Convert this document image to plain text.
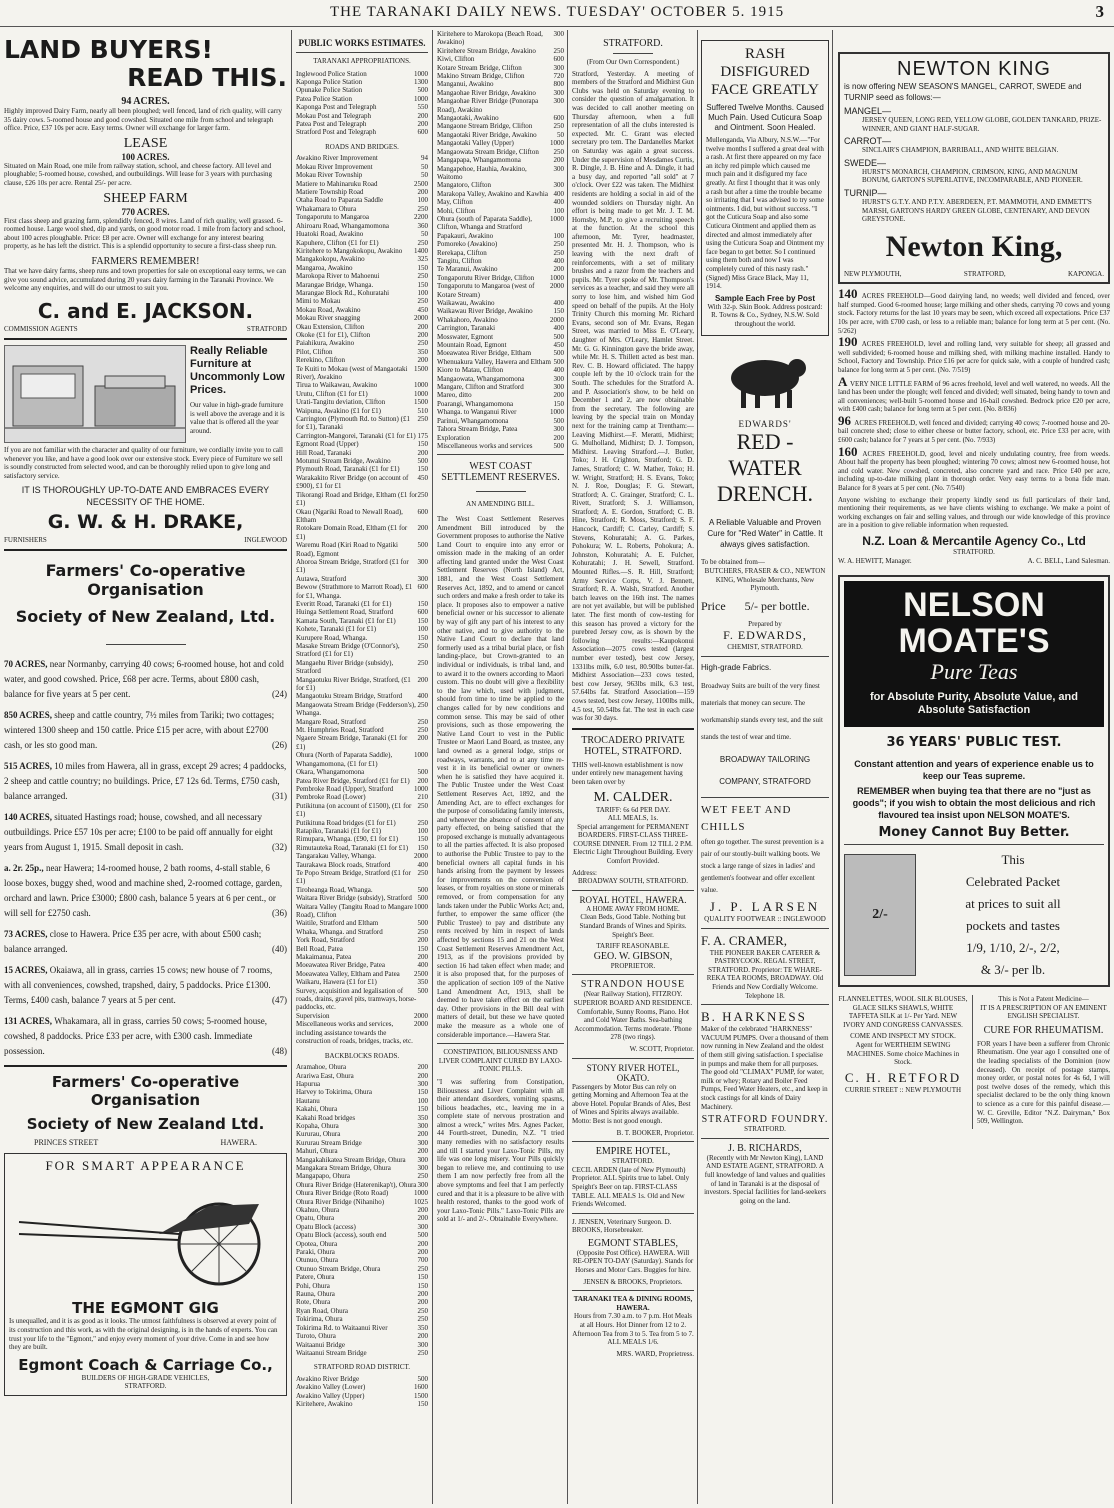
THE TARANAKI DAILY NEWS. TUESDAY' OCTOBER 5. 1915	3
LAND BUYERS!
READ THIS.
94 ACRES.

Highly improved Dairy Farm, nearly all been ploughed; well fenced, land of rich quality, will carry 35 dairy cows. 5-roomed house and good cowshed. Situated one mile from school and telegraph office. Price, £37 10s per acre. Easy terms. Owner will exchange for larger farm.

LEASE
100 ACRES.

Situated on Main Road, one mile from railway station, school, and cheese factory. All level and ploughable; 5-roomed house, cowshed, and outbuildings. Will lease for 3 years with purchasing clause, £26 10s per acre. Rental 25/- per acre.

SHEEP FARM
770 ACRES.

First class sheep and grazing farm, splendidly fenced, 8 wires. Land of rich quality, well grassed. 6-roomed house. Large wool shed, dip and yards, on good motor road. 1 mile from factory and school, about 100 acres ploughable. Price: £8 per acre. Owner will exchange for any interest bearing property, as he has left the district. This is a splendid opportunity to secure a first-class sheep run.

FARMERS REMEMBER!

That we have dairy farms, sheep runs and town properties for sale on exceptional easy terms, we can give you sound advice, accumulated during 20 years dairy farming in the Taranaki Province. We welcome any enquiries, and will do our utmost to suit you.

C. and E. JACKSON.
COMMISSION AGENTS	STRATFORD
Really Reliable Furniture at Uncommonly Low Prices.

Our value in high-grade furniture is well above the average and it is value that is offered all the year around.

If you are not familiar with the character and quality of our furniture, we cordially invite you to call whenever you like, and have a good look over our extensive stock. Every piece of Furniture we sell is soundly constructed from selected wood, and can be thoroughly relied upon to give long and satisfactory service.

IT IS THOROUGHLY UP-TO-DATE AND EMBRACES EVERY NECESSITY OF THE HOME.
G. W. & H. DRAKE,
FURNISHERS	INGLEWOOD
Farmers' Co-operative Organisation
Society of New Zealand, Ltd.

70 ACRES, near Normanby, carrying 40 cows; 6-roomed house, hot and cold water, and good cowshed. Price, £68 per acre. Terms, about £800 cash, balance for five years at 5 per cent.	(24)

850 ACRES, sheep and cattle country, 7½ miles from Tariki; two cottages; wintered 1300 sheep and 150 cattle. Price £15 per acre, with about £2700 cash, or les sto good man.	(26)

515 ACRES, 10 miles from Hawera, all in grass, except 29 acres; 4 paddocks, 2 sheep and cattle country; no buildings. Price, £7 12s 6d. Terms, £750 cash, balance arranged.	(31)

140 ACRES, situated Hastings road; house, cowshed, and all necessary outbuildings. Price £57 10s per acre; £100 to be paid off annually for eight years from August 1, 1915. Small deposit in cash.	(32)

a. 2r. 25p., near Hawera; 14-roomed house, 2 bath rooms, 4-stall stable, 6 loose boxes, buggy shed, wood and machine shed, 2-roomed cottage, garden, orchard and lawn. Price £3000; £800 cash, balance 5 years at 6 per cent., or will sell for £2750 cash.	(36)

73 ACRES, close to Hawera. Price £35 per acre, with about £500 cash; balance arranged.	(40)

15 ACRES, Okaiawa, all in grass, carries 15 cows; new house of 7 rooms, with all conveniences, cowshed, trapshed, dairy, 5 paddocks. Price £1300. Terms, £400 cash, balance 7 years at 5 per cent.	(47)

131 ACRES, Whakamara, all in grass, carries 50 cows; 5-roomed house, cowshed, 8 paddocks. Price £33 per acre, with £300 cash. Immediate possession.	(48)

Farmers' Co-operative Organisation
Society of New Zealand Ltd.
PRINCES STREET	HAWERA.
FOR SMART APPEARANCE
THE EGMONT GIG

Is unequalled, and it is as good as it looks. The utmost faithfulness is observed at every point of its construction and this work, as with the original designing, is in the hands of experts. You can trust your life to the "Egmont," and enjoy every moment of your drive. Come in and see how they are built.

Egmont Coach & Carriage Co.,
BUILDERS OF HIGH-GRADE VEHICLES,
STRATFORD.
PUBLIC WORKS ESTIMATES.
TARANAKI APPROPRIATIONS.
Inglewood Police Station	1000
Kaponga Police Station	1300
Opunake Police Station	500
Patea Police Station	1000
Kaponga Post and Telegraph	550
Mokau Post and Telegraph	200
Patea Post and Telegraph	200
Stratford Post and Telegraph	600
ROADS AND BRIDGES.
Awakino River Improvement	94
Mokau River Improvement	50
Mokau River Township	50
Matiere to Mahinaruku Road	2500
Matiere Township Road	200
Otaha Road to Paparata Saddle	100
Whakamara to Ohura	250
Tongaporutu to Mangaroa	2200
Ahiroaru Road, Whangamomona	360
Huatoki Road, Awakino	50
Kapuhere, Clifton (£1 for £1)	250
Kiritehere to Mangokokopu, Awakino 1400
Mangakokopu, Awakino	325
Mangaroa, Awakino	150
Marokopa River to Mahoenui	250
Marangae Bridge, Whanga.	150
Marangae Block Rd., Kohuratahi	100
Mimi to Mokau	250
Mokau Road, Awakino	450
Mokau River snagging	2000
Okau Extension, Clifton	200
Okoke (£1 for £1), Clifton	200
Paiahikura, Awakino	250
Pilot, Clifton	350
Rerekino, Clifton	200
Te Kuiti to Mokau (west of Mangaotaki River), Awakino
1500
Tirua to Waikawau, Awakino	1000
Urutu, Clifton (£1 for £1)	1000
Urati-Tangitu deviation, Clifton	1500
Waipuna, Awakino (£1 for £1)	510
Carrington (Plymouth Rd. to Sutton) (£1 for £1), Taranaki
250
Carrington-Mangorei, Taranaki (£1 for £1) 175
Egmont Road (Upper)	150
Hill Road, Taranaki	200
Motunui Stream Bridge, Awakino	500
Plymouth Road, Taranaki (£1 for £1)	150
Warakakito River Bridge (on account of £900), £1 for £1
450
Tikorangi Road and Bridge, Eltham (£1 for £1)
250
Okau (Ngariki Road to Newall Road), Eltham
600
Rotokare Domain Road, Eltham (£1 for £1)
200
Waremu Road (Kiri Road to Ngatiki Road), Egmont
500
Ahoroa Stream Bridge, Stratford (£1 for £1)
300
Autawa, Stratford	300
Bewow (Strathmore to Marrott Road), £1 for £1, Whanga.
600
Everitt Road, Taranaki (£1 for £1)	150
Huinga Settlement Road, Stratford	600
Kamata South, Taranaki (£1 for £1)	150
Kohete, Taranaki (£1 for £1)	100
Kurupere Road, Whanga.	150
Masake Stream Bridge (O'Connor's), Stratford (£1 for £1)
250
Mangaehu River Bridge (subsidy), Stratford
250
Mangaotuku River Bridge, Stratford, (£1 for £1)
200
Mangaotuku Stream Bridge, Stratford 400
Mangaowata Stream Bridge (Fedderson's), Whanga.
250
Mangare Road, Stratford	250
Mt. Humphries Road, Stratford	250
Ngaere Stream Bridge, Taranaki (£1 for £1)
200
Ohura (North of Paparata Saddle), Whangamomona, (£1 for £1)
1000
Okara, Whangamomona	500
Patea River Bridge, Stratford (£1 for £1) 200
Pembroke Road (Upper), Stratford	1000
Pembroke Road (Lower)	210
Putikituna (on account of £1500), (£1 for £1)
250
Putikituna Road bridges (£1 for £1)	250
Ratapiko, Taranaki (£1 for £1)	100
Rimupara, Whanga. (£90, £1 for £1)	150
Rimutauteka Road, Taranaki (£1 for £1) 150
Tangarakau Valley, Whanga.	2000
Taurakawa Block roads, Stratford	400
Te Popo Stream Bridge, Stratford (£1 for £1)
250
Tiroheanga Road, Whanga.	500
Waitara River Bridge (subsidy), Stratford 500
Waitara Valley (Tangitu Road to Mangare Road), Clifton
1000
Waitile, Stratford and Eltham	500
Whaka, Whanga. and Stratford	250
York Road, Stratford	200
Bell Road, Patea	150
Makaimanua, Patea	200
Moeawatea River Bridge, Patea	400
Moeawatea Valley, Eltham and Patea 2500
Waikaru, Hawera (£1 for £1)	350
Survey, acquisition and legalisation of roads, drains, gravel pits, tramways, horse-paddocks, etc.
500
Supervision	2000
Miscellaneous works and services, including assistance towards the construction of roads, bridges, tracks, etc.
2000
BACKBLOCKS ROADS.
Aramahoe, Ohura	200
Arariwa East, Ohura	200
Hapurua	300
Harvey to Tokirima, Ohura	150
Hautanu	100
Kakahi, Ohura	150
Kakahi Road bridges	350
Kopaha, Ohura	300
Kururau, Ohura	200
Kururau Stream Bridge	300
Mahuri, Ohura	200
Mangakahikatea Stream Bridge, Ohura 300
Mangakara Stream Bridge, Ohura	300
Mangapapo, Ohura	250
Ohura River Bridge (Haterenikap't), Ohura 300
Ohura River Bridge (Roto Road)	1000
Ohura River Bridge (Nihaniho)	1025
Okahuo, Ohura	200
Opatu, Ohura	200
Opatu Block (access)	300
Opatu Block (access), south end	500
Opotea, Ohura	200
Paraki, Ohura	200
Otunuo, Ohura	700
Otunuo Stream Bridge, Ohura	250
Patere, Ohura	150
Pohi, Ohura	150
Rauna, Ohura	200
Rote, Ohura	200
Ryan Road, Ohura	250
Tokirima, Ohura	250
Tokirima Rd. to Waitaanui River	350
Turoto, Ohura	200
Waitaanui Bridge	300
Waitaanui Stream Bridge	250
STRATFORD ROAD DISTRICT.
Awakino River Bridge	500
Awakino Valley (Lower)	1600
Awakino Valley (Upper)	1500
Kiritehere, Awakino	150
Kiritehere to Marokopa (Beach Road, Awakino)
300
Kiritehere Stream Bridge, Awakino	250
Kiwi, Clifton	600
Kotare Stream Bridge, Clifton	300
Makino Stream Bridge, Clifton	720
Manganui, Awakino	800
Mangaohae River Bridge, Awakino	300
Mangaohae River Bridge (Ponorapa Road), Awakino
300
Mangaotaki, Awakino	600
Mangaone Stream Bridge, Clifton	250
Mangaotaki River Bridge, Awakino	50
Mangaotaki Valley (Upper)	1000
Mangaowata Stream Bridge, Clifton 250
Mangapapa, Whangamomona	200
Mangapehoe, Hauhia, Awakino, Waitomo
300
Mangatoro, Clifton	300
Marakopa Valley, Awakino and Kawhia 400
May, Clifton	400
Mohi, Clifton	100
Ohura (south of Paparata Saddle), Clifton, Whanga and Stratford
1000
Papakauri, Awakino	100
Pomoreko (Awakino)	250
Rerekapa, Clifton	250
Tangitu, Clifton	400
Te Maranui, Awakino	200
Tongaporutu River Bridge, Clifton 1000
Tongaporutu to Mangaroa (west of Kotare Stream)
2000
Waikawau, Awakino	400
Waikawau River Bridge, Awakino	150
Whakahoro, Awakino	2000
Carrington, Taranaki	400
Mosswater, Egmont	500
Mountain Road, Egmont	450
Moeawatea River Bridge, Eltham	500
Whenuakura Valley, Hawera and Eltham 500
Kiore to Matau, Clifton	400
Mangaowata, Whangamomona	300
Mangare, Clifton and Stratford	300
Mareo, ditto	200
Poarangi, Whangamomona	150
Whanga. to Wanganui River	1000
Parinui, Whangamomona	500
Tahora Stream Bridge, Patea	300
Exploration	200
Miscellaneous works and services	500
WEST COAST SETTLEMENT RESERVES.
AN AMENDING BILL.

The West Coast Settlement Reserves Amendment Bill introduced by the Government proposes to authorise the Native Land Court to enquire into any error or omission made in the making of an order affecting land granted under the West Coast Settlement Reserves (North Island) Act, 1881, and the West Coast Settlement Reserves Act, 1892, and to amend or cancel such orders and make a fresh order to take its place. It proposes also to empower a native beneficial owner or his successor to alienate by way of gift any part of his interest to any other native, and to give authority to the Native Land Court to declare that land formerly used as a tribal burial place, or fish landing-place, but Crown-granted to an individual or individuals, is tribal land, and to award it to the owners according to Maori custom. This no doubt will give a flexibility to the law which, used with judgment, should from time to time be applied to the changes called for by new conditions and common sense. This may be said of other provisions, such as those empowering the Native Land Court to vest in the Public Trustee or Maori Land Board, as trustee, any land owned as a general lodge, strips or roadways, warrants, and to at any time re-vest it in its beneficial owner or owners when he is satisfied they have acquired it. The Public Trustee under the West Coast Settlement Reserves Act, 1892, and the Amending Act, are to effect exchanges for the purpose of consolidating family interests, and whenever the absence of consent of any party effected, on being satisfied that the proposed exchange is mutually advantageous to all the parties affected. It is also proposed to authorise the Public Trustee to pay to the beneficial owners all capital funds in his hands arising from the payment by lessees for improvements on the conversion of leases, or from royalties on stone or minerals removed, or from compensation for any lands taken under the Public Works Act; and, further, to empower the same officer (the Public Trustee) to pay and distribute any rents received by him in respect of lands affected by sections 15 and 21 on the West Coast Settlement Reserves Amendment Act, 1913, as if the provisions provided by section 16 had taken effect when made; and it is also proposed that, for the purposes of the application of section 109 of the Native Land Amendment Act, 1913, shall be deemed to have taken effect on the earliest day. Other provisions in the Bill deal with matters of detail, but these we have quoted make the measure as a whole one of considerable importance.—Hawera Star.

CONSTIPATION, BILIOUSNESS AND LIVER COMPLAINT CURED BY LAXO-TONIC PILLS.

"I was suffering from Constipation, Biliousness and Liver Complaint with all their attendant disorders, vomiting spasms, bilious headaches, etc., leaving me in a complete state of nervous prostration and almost a wreck," writes Mrs. Agnes Packer, 44 Fourth-street, Dunedin, N.Z. "I tried many remedies with no satisfactory results and till I started your Laxo-Tonic Pills, my life was one long misery. Your Pills quickly began to relieve me, and continuing to use them I am now perfectly free from all the above symptoms and feel that I am perfectly cured and that it is a pleasure to be alive with health restored, thanks to the good work of your Laxo-Tonic Pills." Laxo-Tonic Pills are sold at 1/- and 2/-. Obtainable Everywhere.

STRATFORD.
(From Our Own Correspondent.)

Stratford, Yesterday. A meeting of members of the Stratford and Midhirst Gun Clubs was held on Saturday evening to consider the question of amalgamation. It was decided to call another meeting on Thursday afternoon, when a full representation of all the clubs interested is expected. Mr. C. Grant was elected secretary pro tem. The Dardanelles Market on Saturday was again a great success. Under the supervision of Mesdames Curtis, R. Dingle, J. B. Hine and A. Dingle, it had a busy day, and reported "all sold" at 7 o'clock. Over £22 was taken. The Midhirst residents are holding a social in aid of the wounded soldiers on Thursday night. An effort is being made to get Mr. J. T. M. Hornsby, M.P., to give a recruiting speech at the function. At the school this afternoon, Mr. Tyrer, headmaster, presented Mr. H. J. Thompson, who is leaving with the next draft of reinforcements, with a set of military brushes and a razor from the teachers and pupils. Mr. Tyrer spoke of Mr. Thompson's services as a teacher, and said they were all sorry to lose him, and wished him God speed on behalf of the pupils. At the Holy Trinity Church this morning Mr. Richard Evans, second son of Mr. Evans, Regan Street, was married to Miss E. O'Leary, daughter of Mrs. O'Leary, Hamlet Street. Mr. G. G. Kinnington gave the bride away, while Mr. H. S. Thillett acted as best man. Rev. C. B. Howard officiated. The happy couple left by the 10 o'clock train for the South. The schedules for the Stratford A. and P. Association's show, to be held on December 1 and 2, are now obtainable from the secretary. The following are leaving by the special train on Monday next for the training camp at Trentham:— Leaving Midhirst.—F. Meratti, Midhirst; G. Mulholland, Midhirst; D. J. Tompson, Midhirst. Leaving Stratford.—J. Butler, Toko; J. H. Crighton, Stratford; G. D. James, Stratford; C. W. Mather, Toko; H. W. Wright, Stratford; H. S. Evans, Toko; N. J. Roe, Douglas; F. G. Stewart, Stratford; A. C. Grainger, Stratford; C. L. Rivett, Stratford; S. J. Williamson, Stratford; A. E. Gordon, Stratford; C. B. Hine, Stratford; R. Moss, Stratford; S. F. Hancock, Cardiff; C. Carley, Cardiff; S. Stevens, Kohuratahi; A. G. Parkes, Pohokura; W. L. Roberts, Pohokura; A. Johnston, Kohuratahi; A. E. Fulcher, Kohuratahi; J. H. Sewell, Stratford. Mounted Rifles.—S. R. Hill, Stratford; Army Service Corps, V. J. Bennett, Stratford; R. A. Walsh, Stratford. Another batch leaves on the 16th inst. The names are not yet available, but will be published later. The first month of cow-testing for this season has proved a victory for the purebred Jersey cow, as is shown by the following results:—Kaupokonui Association—2075 cows tested (largest number ever tested), best cow Jersey, 1331lbs milk, 6.0 test, 80.90lbs butter-fat. Midhirst Association—233 cows tested, best cow Jersey, 963lbs milk, 6.3 test, 57.64lbs fat. Stratford Association—159 cows tested, best cow Jersey, 1100lbs milk, 4.5 test, 50.54lbs fat. The test in each case was for 30 days.

TROCADERO PRIVATE HOTEL, STRATFORD.

THIS well-known establishment is now under entirely new management having been taken over by

M. CALDER.
TARIFF: 6s 6d PER DAY.
ALL MEALS, 1s.

Special arrangement for PERMANENT BOARDERS. FIRST-CLASS THREE-COURSE DINNER. From 12 TILL 2 P.M. Electric Light Throughout Building. Every Comfort Provided.

Address:
BROADWAY SOUTH, STRATFORD.
ROYAL HOTEL, HAWERA.
A HOME AWAY FROM HOME.

Clean Beds, Good Table. Nothing but Standard Brands of Wines and Spirits. Speight's Beer.

TARIFF REASONABLE.
GEO. W. GIBSON,
PROPRIETOR.
STRANDON HOUSE

(Near Railway Station), FITZROY. SUPERIOR BOARD AND RESIDENCE. Comfortable, Sunny Rooms, Piano. Hot and Cold Water Baths. Sea-bathing Accommodation. Terms moderate. 'Phone 278 (two rings).

W. SCOTT, Proprietor.
STONY RIVER HOTEL, OKATO.

Passengers by Motor Bus can rely on getting Morning and Afternoon Tea at the above Hotel. Popular Brands of Ales, Best of Wines and Spirits always available. Motto: Best is not good enough.

B. T. BOOKER, Proprietor.
EMPIRE HOTEL,
STRATFORD.

CECIL ARDEN (late of New Plymouth) Proprietor. ALL Spirits true to label. Only Speight's Beer on tap. FIRST-CLASS TABLE. ALL MEALS 1s. Old and New Friends Welcomed.

J. JENSEN, Veterinary Surgeon. D. BROOKS, Horsebreaker.

EGMONT STABLES,

(Opposite Post Office). HAWERA. Will RE-OPEN TO-DAY (Saturday). Stands for Horses and Motor Cars. Buggies for hire.

JENSEN & BROOKS, Proprietors.
TARANAKI TEA & DINING ROOMS, HAWERA.

Hours from 7.30 a.m. to 7 p.m. Hot Meals at all Hours. Hot Dinner from 12 to 2. Afternoon Tea from 3 to 5. Tea from 5 to 7. ALL MEALS 1/6.

MRS. WARD, Proprietress.
RASH DISFIGURED
FACE GREATLY

Suffered Twelve Months. Caused Much Pain. Used Cuticura Soap and Ointment. Soon Healed.

Mullenganda, Via Albury, N.S.W.—"For twelve months I suffered a great deal with a rash. At first there appeared on my face an itchy red pimple which caused me much pain and it disfigured my face greatly. At first I thought that it was only a rash but after a time the trouble became so irritating that I was advised to try some ointments. I did, but without success. "I got the Cuticura Soap and also some Cuticura Ointment and applied them as directed and almost immediately after using the Cuticura Soap and Ointment my face began to get better. So I continued using them both and now I was completely cured of this nasty rash." (Signed) Miss Grace Black, May 11, 1914.

Sample Each Free by Post

With 32-p. Skin Book. Address postcard: R. Towns & Co., Sydney, N.S.W. Sold throughout the world.

EDWARDS'
RED - WATER
DRENCH.

A Reliable Valuable and Proven Cure for "Red Water" in Cattle. It always gives satisfaction.

To be obtained from—

BUTCHERS, FRASER & CO., NEWTON KING, Wholesale Merchants, New Plymouth.

Price 5/- per bottle.
Prepared by
F. EDWARDS,
CHEMIST, STRATFORD.
High-grade Fabrics.

Broadway Suits are built of the very finest materials that money can secure. The workmanship stands every test, and the suit stands the test of wear and time.

BROADWAY TAILORING COMPANY, STRATFORD
WET FEET AND CHILLS

often go together. The surest prevention is a pair of our stoutly-built walking boots. We stock a large range of sizes in ladies' and gentlemen's footwear and offer excellent value.

J. P. LARSEN
QUALITY FOOTWEAR :: INGLEWOOD
F. A. CRAMER,

THE PIONEER BAKER CATERER & PASTRYCOOK. REGAL STREET, STRATFORD. Proprietor: TE WHARE-REKA TEA ROOMS, BROADWAY. Old Friends and New Cordially Welcome. Telephone 18.

B. HARKNESS

Maker of the celebrated "HARKNESS" VACUUM PUMPS. Over a thousand of them now running in New Zealand and the oldest of them still giving satisfaction. I specialise in pumps and make them for all purposes. The good old "CLIMAX" PUMP, for water, milk or whey; Rotary and Boiler Feed Pumps, Feed Water Heaters, etc., and keep in stock castings for all kinds of Dairy Machinery.

STRATFORD FOUNDRY.
STRATFORD.
J. B. RICHARDS,

(Recently with Mr Newton King), LAND AND ESTATE AGENT, STRATFORD. A full knowledge of land values and qualities of land in Taranaki is at the disposal of investors. Special facilities for land-seekers going on the land.

NEWTON KING

is now offering NEW SEASON'S MANGEL, CARROT, SWEDE and TURNIP seed as follows:—

MANGEL—

JERSEY QUEEN, LONG RED, YELLOW GLOBE, GOLDEN TANKARD, PRIZE-WINNER, AND GIANT HALF-SUGAR.

CARROT—

SINCLAIR'S CHAMPION, BARRIBALL, AND WHITE BELGIAN.

SWEDE—

HURST'S MONARCH, CHAMPION, CRIMSON, KING, AND MAGNUM BONUM, GARTON'S SUPERLATIVE, INCOMPARABLE, AND PIONEER.

TURNIP—

HURST'S G.T.Y. AND P.T.Y. ABERDEEN, P.T. MAMMOTH, AND EMMETT'S MARSH, GARTON'S HARDY GREEN GLOBE, CENTENARY, AND DEVON GREYSTONE.

Newton King,
NEW PLYMOUTH,	STRATFORD,	KAPONGA.

140 ACRES FREEHOLD—Good dairying land, no weeds; well divided and fenced, over half stumped. Good 6-roomed house; large milking and other sheds, carrying 70 cows and young stock. Factory returns for the last 10 years may be seen, which exceed all expectations. Price £37 10s per acre, with £700 cash, or less to a reliable man; balance for long term at 5 per cent. (No. 5/262)

190 ACRES FREEHOLD, level and rolling land, very suitable for sheep; all grassed and well subdivided; 6-roomed house and milking shed, with milking machine installed. Handy to School, Factory and Township. Price £16 per acre for quick sale, with a couple of hundred cash; balance for long term at 5 per cent. (No. 7/519)

A VERY NICE LITTLE FARM of 96 acres freehold, level and well watered, no weeds. All the land has been under the plough; well fenced and divided; well situated, being handy to town and all conveniences; well-built 5-roomed house and 16-bail cowshed. Bedrock price £20 per acre, with £400 cash; balance for long term at 5 per cent. (No. 8/836)

96 ACRES FREEHOLD, well fenced and divided; carrying 40 cows; 7-roomed house and 20-bail concrete shed; close to either cheese or butter factory, school, etc. Price £33 per acre, with £600 cash; balance for 7 years at 5 per cent. (No. 7/933)

160 ACRES FREEHOLD, good, level and nicely undulating country, free from weeds. About half the property has been ploughed; wintering 70 cows; almost new 6-roomed house, hot and cold water. New cowshed, concreted, also concrete yard and race. Price £40 per acre, including up-to-date milking plant in thorough order. Very easy terms to a bona fide man. Balance for 8 years at 5 per cent. (No. 7/540)

Anyone wishing to exchange their property kindly send us full particulars of their land, mentioning their requirements, as we have clients wishing to exchange. We make a point of working exchanges on fair and selling values, and through our wide knowledge of this province are in a position to give reliable information when requested.

N.Z. Loan & Mercantile Agency Co., Ltd
STRATFORD.
W. A. HEWITT, Manager.	A. C. BELL, Land Salesman.
NELSON
MOATE'S
Pure Teas
for Absolute Purity, Absolute Value, and Absolute Satisfaction
36 YEARS' PUBLIC TEST.

Constant attention and years of experience enable us to keep our Teas supreme.

REMEMBER when buying tea that there are no "just as goods"; if you wish to obtain the most delicious and rich flavoured tea insist upon NELSON MOATE'S.

Money Cannot Buy Better.
2/-
This
Celebrated Packet
at prices to suit all
pockets and tastes
1/9, 1/10, 2/-, 2/2,
& 3/- per lb.

FLANNELETTES, WOOL SILK BLOUSES, GLACE SILKS SHAWLS, WHITE TAFFETA SILK at 1/- Per Yard. NEW IVORY AND CONGRESS CANVASSES.

COME AND INSPECT MY STOCK.

Agent for WERTHEIM SEWING MACHINES. Some choice Machines in Stock.

C. H. RETFORD
CURRIE STREET :: NEW PLYMOUTH
This is Not a Patent Medicine—
IT IS A PRESCRIPTION OF AN EMINENT ENGLISH SPECIALIST.
CURE FOR RHEUMATISM.

FOR years I have been a sufferer from Chronic Rheumatism. One year ago I consulted one of the leading specialists of the Dominion (now deceased). On receipt of postage stamps, money order, or postal notes for 4s 6d, I will post twelve doses of the remedy, which this specialist declared to be the only thing known to science as a cure for this painful disease.—W. C. Greville, Editor "N.Z. Dairyman," Box 509, Wellington.
